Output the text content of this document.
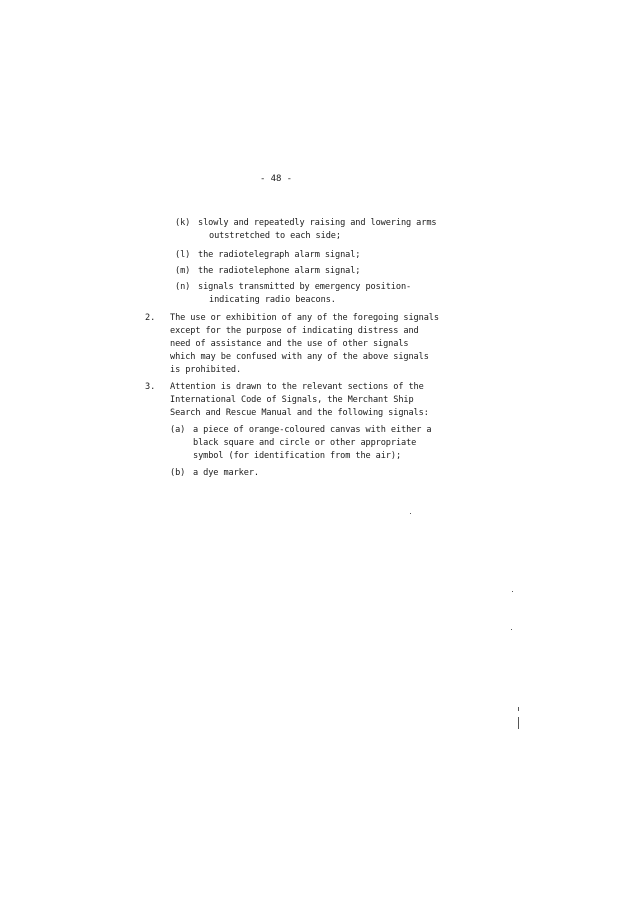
- 48 -
(k) slowly and repeatedly raising and lowering arms
outstretched to each side;
(l) the radiotelegraph alarm signal;
(m) the radiotelephone alarm signal;
(n) signals transmitted by emergency position-
indicating radio beacons.
2. The use or exhibition of any of the foregoing signals
except for the purpose of indicating distress and
need of assistance and the use of other signals
which may be confused with any of the above signals
is prohibited.
3. Attention is drawn to the relevant sections of the
International Code of Signals, the Merchant Ship
Search and Rescue Manual and the following signals:
(a) a piece of orange-coloured canvas with either a
black square and circle or other appropriate
symbol (for identification from the air);
(b) a dye marker.
